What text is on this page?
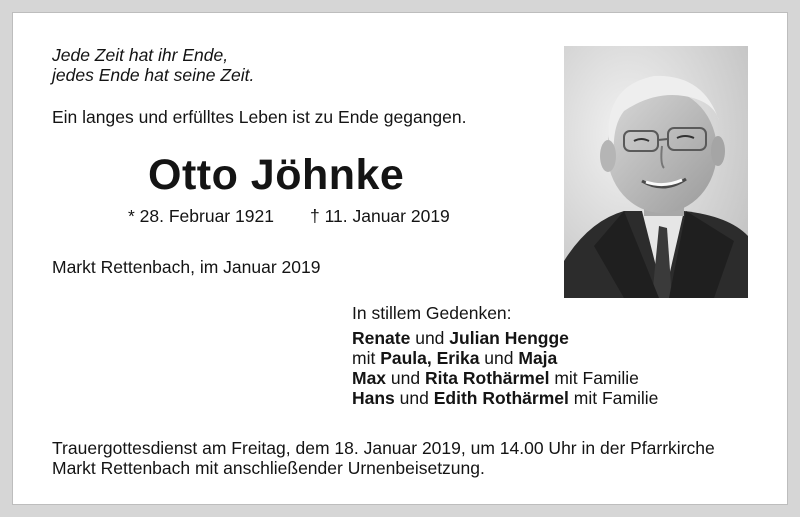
Jede Zeit hat ihr Ende,
jedes Ende hat seine Zeit.
Ein langes und erfülltes Leben ist zu Ende gegangen.
Otto Jöhnke
* 28. Februar 1921 † 11. Januar 2019
Markt Rettenbach, im Januar 2019
In stillem Gedenken:
Renate und Julian Hengge
mit Paula, Erika und Maja
Max und Rita Rothärmel mit Familie
Hans und Edith Rothärmel mit Familie
Trauergottesdienst am Freitag, dem 18. Januar 2019, um 14.00 Uhr in der Pfarrkirche
Markt Rettenbach mit anschließender Urnenbeisetzung.
